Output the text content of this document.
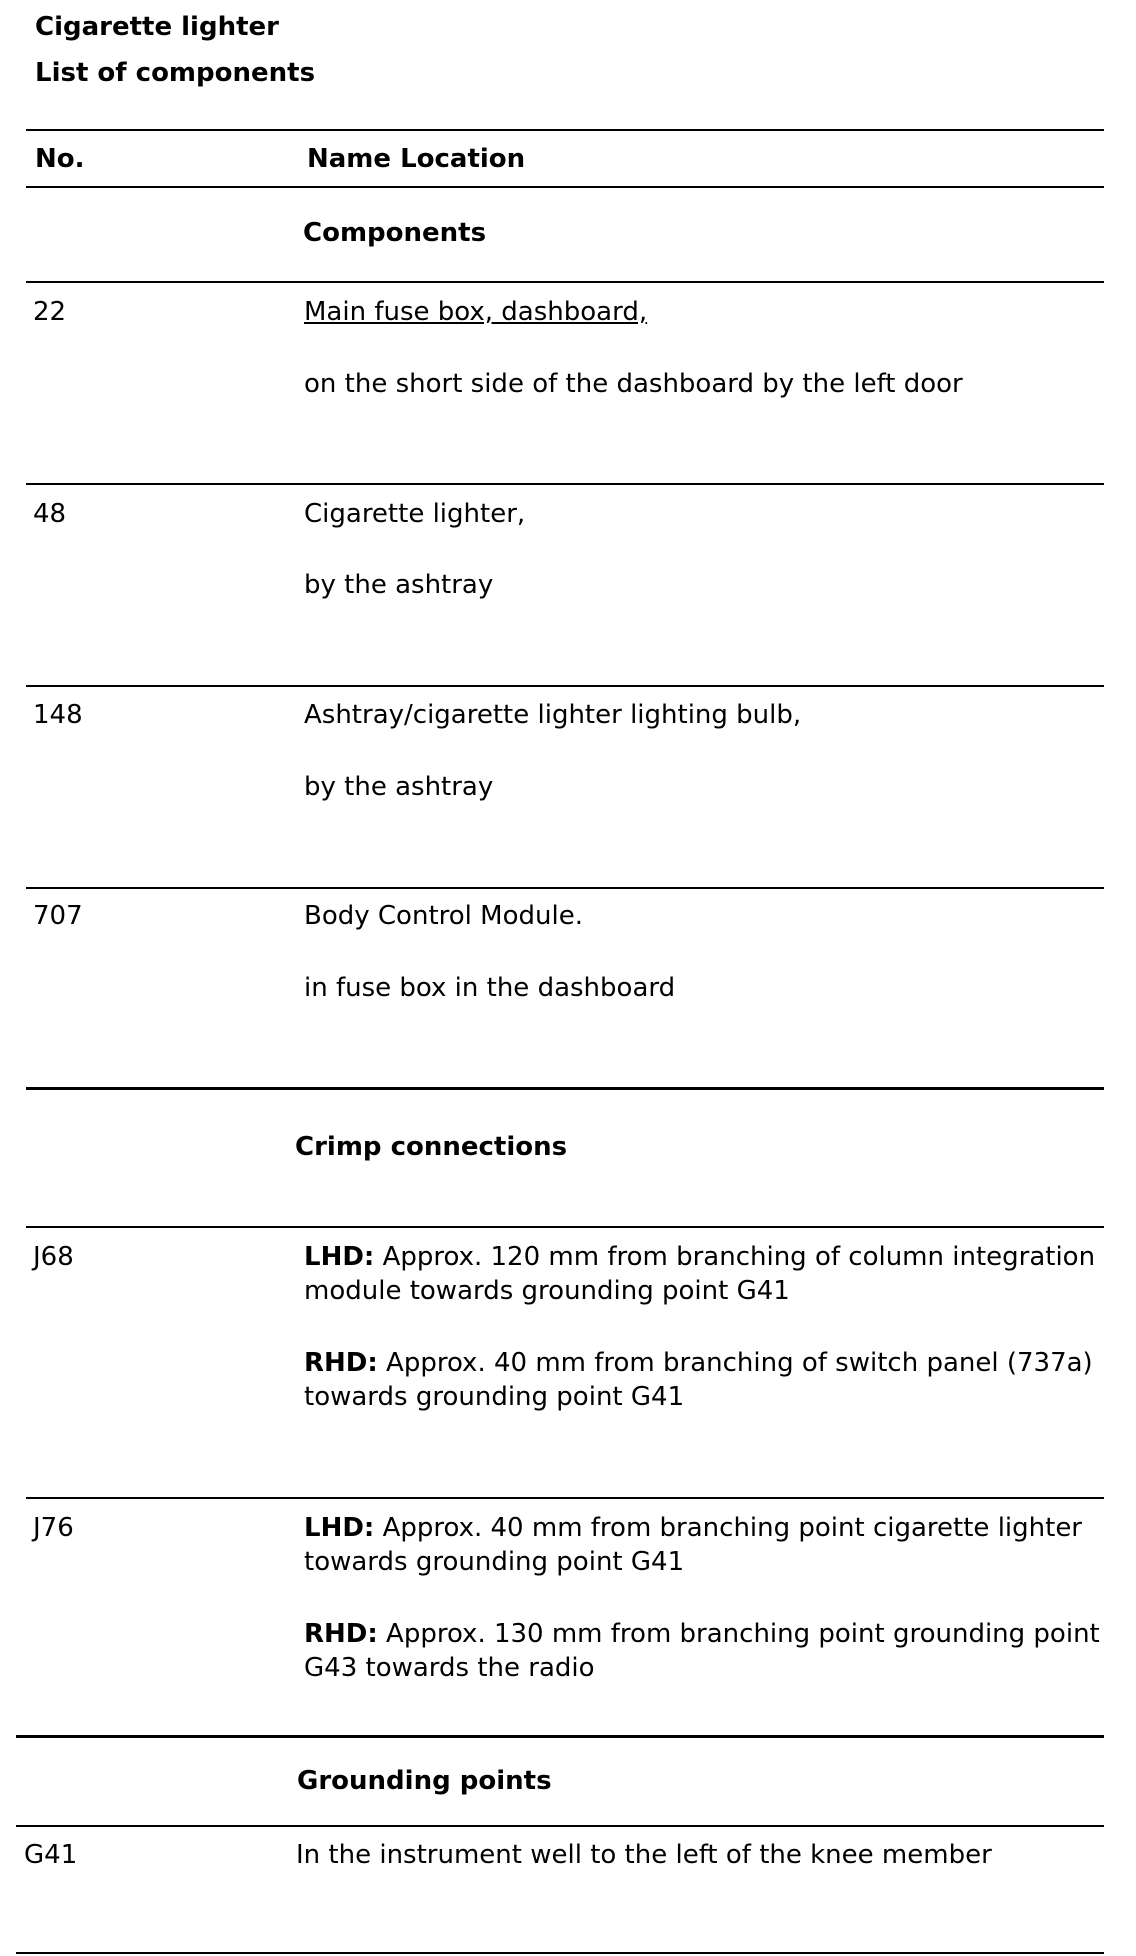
Cigarette lighter
List of components
No.	Name Location
Components
22	Main fuse box, dashboard,
on the short side of the dashboard by the left door
48	Cigarette lighter,
by the ashtray
148	Ashtray/cigarette lighter lighting bulb,
by the ashtray
707	Body Control Module.
in fuse box in the dashboard
Crimp connections
J68	LHD: Approx. 120 mm from branching of column integration module towards grounding point G41
RHD: Approx. 40 mm from branching of switch panel (737a) towards grounding point G41
J76	LHD: Approx. 40 mm from branching point cigarette lighter towards grounding point G41
RHD: Approx. 130 mm from branching point grounding point G43 towards the radio
Grounding points
G41	In the instrument well to the left of the knee member
